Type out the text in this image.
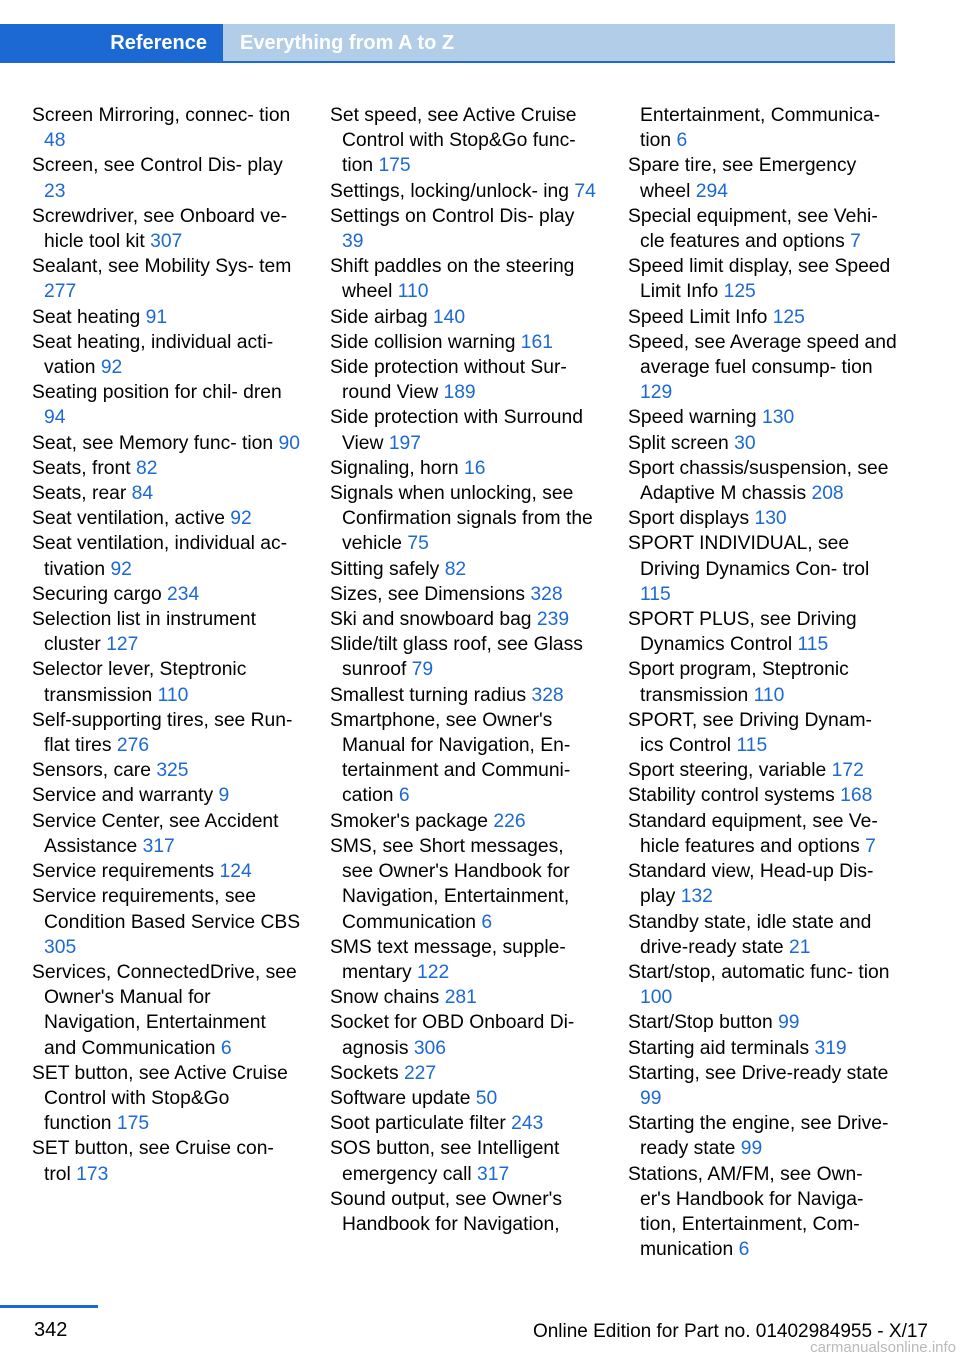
Reference Everything from A to Z
Screen Mirroring, connec‐ tion 48
Screen, see Control Dis‐ play 23
Screwdriver, see Onboard ve‐ hicle tool kit 307
Sealant, see Mobility Sys‐ tem 277
Seat heating 91
Seat heating, individual acti‐ vation 92
Seating position for chil‐ dren 94
Seat, see Memory func‐ tion 90
Seats, front 82
Seats, rear 84
Seat ventilation, active 92
Seat ventilation, individual ac‐ tivation 92
Securing cargo 234
Selection list in instrument cluster 127
Selector lever, Steptronic transmission 110
Self-supporting tires, see Run-flat tires 276
Sensors, care 325
Service and warranty 9
Service Center, see Accident Assistance 317
Service requirements 124
Service requirements, see Condition Based Service CBS 305
Services, ConnectedDrive, see Owner's Manual for Navigation, Entertainment and Communication 6
SET button, see Active Cruise Control with Stop&Go function 175
SET button, see Cruise con‐ trol 173
Set speed, see Active Cruise Control with Stop&Go func‐ tion 175
Settings, locking/unlock‐ ing 74
Settings on Control Dis‐ play 39
Shift paddles on the steering wheel 110
Side airbag 140
Side collision warning 161
Side protection without Sur‐ round View 189
Side protection with Surround View 197
Signaling, horn 16
Signals when unlocking, see Confirmation signals from the vehicle 75
Sitting safely 82
Sizes, see Dimensions 328
Ski and snowboard bag 239
Slide/tilt glass roof, see Glass sunroof 79
Smallest turning radius 328
Smartphone, see Owner's Manual for Navigation, En‐ tertainment and Communi‐ cation 6
Smoker's package 226
SMS, see Short messages, see Owner's Handbook for Navigation, Entertainment, Communication 6
SMS text message, supple‐ mentary 122
Snow chains 281
Socket for OBD Onboard Di‐ agnosis 306
Sockets 227
Software update 50
Soot particulate filter 243
SOS button, see Intelligent emergency call 317
Sound output, see Owner's Handbook for Navigation,
Entertainment, Communica‐ tion 6
Spare tire, see Emergency wheel 294
Special equipment, see Vehi‐ cle features and options 7
Speed limit display, see Speed Limit Info 125
Speed Limit Info 125
Speed, see Average speed and average fuel consump‐ tion 129
Speed warning 130
Split screen 30
Sport chassis/suspension, see Adaptive M chassis 208
Sport displays 130
SPORT INDIVIDUAL, see Driving Dynamics Con‐ trol 115
SPORT PLUS, see Driving Dynamics Control 115
Sport program, Steptronic transmission 110
SPORT, see Driving Dynam‐ ics Control 115
Sport steering, variable 172
Stability control systems 168
Standard equipment, see Ve‐ hicle features and options 7
Standard view, Head-up Dis‐ play 132
Standby state, idle state and drive-ready state 21
Start/stop, automatic func‐ tion 100
Start/Stop button 99
Starting aid terminals 319
Starting, see Drive-ready state 99
Starting the engine, see Drive-ready state 99
Stations, AM/FM, see Own‐ er's Handbook for Naviga‐ tion, Entertainment, Com‐ munication 6
342	Online Edition for Part no. 01402984955 - X/17
carmanualsonline.info
